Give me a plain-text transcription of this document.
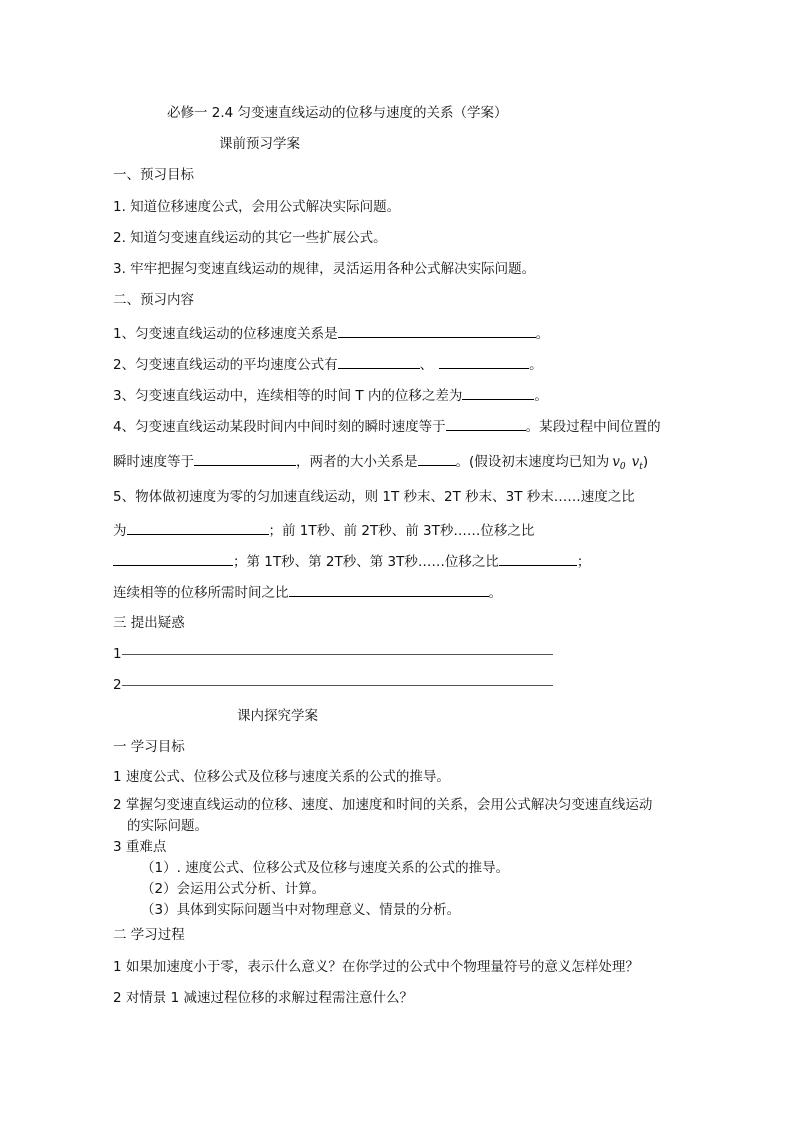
必修一 2.4 匀变速直线运动的位移与速度的关系（学案）
课前预习学案
一、预习目标
1. 知道位移速度公式，会用公式解决实际问题。
2. 知道匀变速直线运动的其它一些扩展公式。
3. 牢牢把握匀变速直线运动的规律，灵活运用各种公式解决实际问题。
二、预习内容
1、匀变速直线运动的位移速度关系是	。
2、匀变速直线运动的平均速度公式有	、	。
3、匀变速直线运动中，连续相等的时间 T 内的位移之差为	。
4、匀变速直线运动某段时间内中间时刻的瞬时速度等于	。某段过程中间位置的
瞬时速度等于	，两者的大小关系是	。(假设初末速度均已知为 $v_0$ $v_t$)
5、物体做初速度为零的匀加速直线运动，则 1T 秒末、2T 秒末、3T 秒末……速度之比
为	；前 1T秒、前 2T秒、前 3T秒……位移之比
；第 1T秒、第 2T秒、第 3T秒……位移之比	；
连续相等的位移所需时间之比	。
三 提出疑惑
1
2
课内探究学案
一 学习目标
1 速度公式、位移公式及位移与速度关系的公式的推导。
2 掌握匀变速直线运动的位移、速度、加速度和时间的关系，会用公式解决匀变速直线运动
的实际问题。
3 重难点
（1）. 速度公式、位移公式及位移与速度关系的公式的推导。
（2）会运用公式分析、计算。
（3）具体到实际问题当中对物理意义、情景的分析。
二 学习过程
1 如果加速度小于零，表示什么意义？在你学过的公式中个物理量符号的意义怎样处理？
2 对情景 1 减速过程位移的求解过程需注意什么？
